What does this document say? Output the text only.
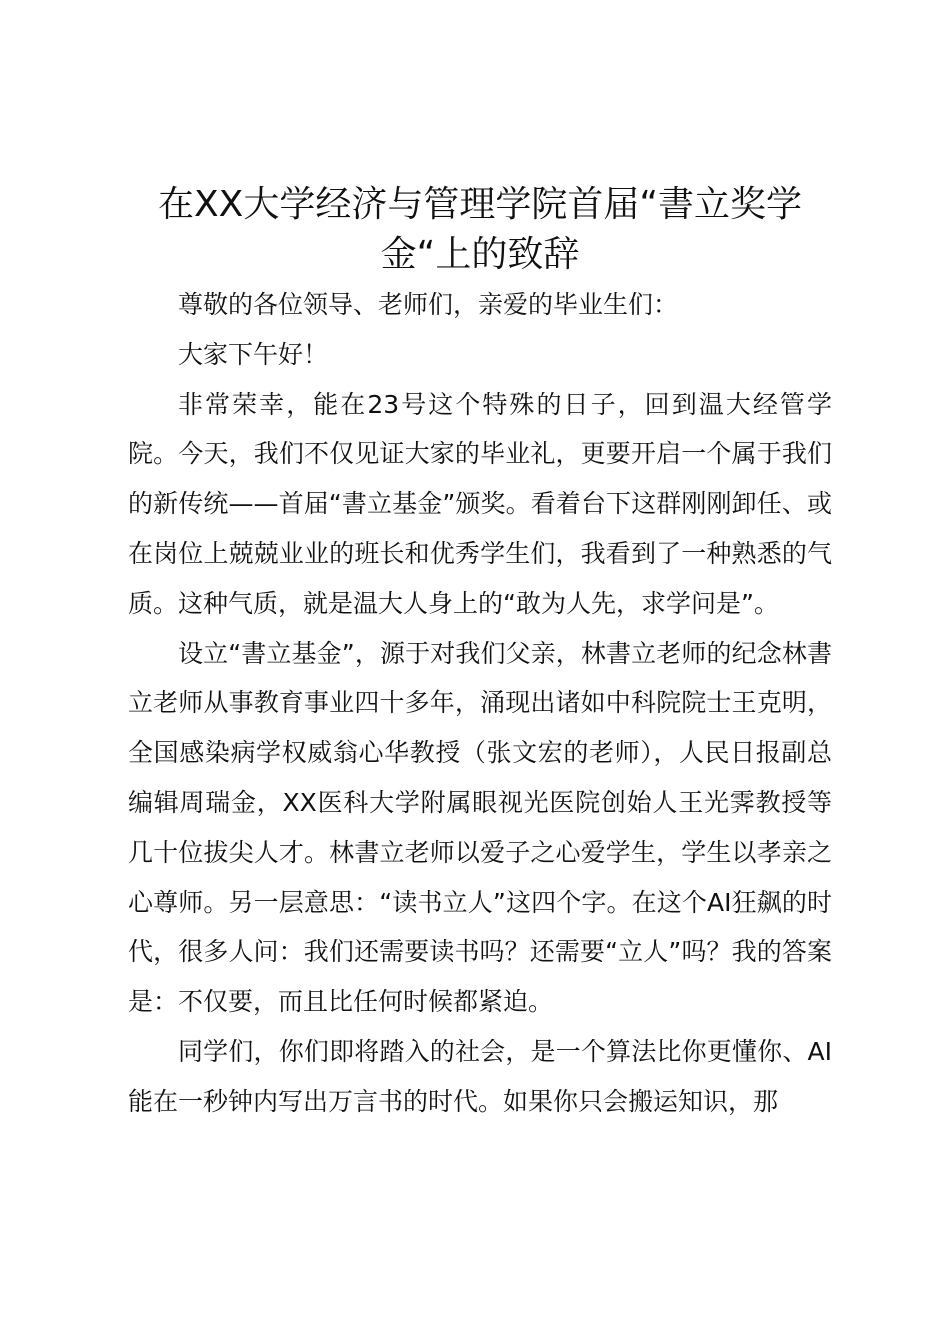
在XX大学经济与管理学院首届“書立奖学金“上的致辞

尊敬的各位领导、老师们，亲爱的毕业生们：

大家下午好！

非常荣幸，能在23号这个特殊的日子，回到温大经管学院。今天，我们不仅见证大家的毕业礼，更要开启一个属于我们的新传统——首届“書立基金”颁奖。看着台下这群刚刚卸任、或在岗位上兢兢业业的班长和优秀学生们，我看到了一种熟悉的气质。这种气质，就是温大人身上的“敢为人先，求学问是”。

设立“書立基金”，源于对我们父亲，林書立老师的纪念林書立老师从事教育事业四十多年，涌现出诸如中科院院士王克明，全国感染病学权威翁心华教授（张文宏的老师），人民日报副总编辑周瑞金，XX医科大学附属眼视光医院创始人王光霁教授等几十位拔尖人才。林書立老师以爱子之心爱学生，学生以孝亲之心尊师。另一层意思：“读书立人”这四个字。在这个AI狂飙的时代，很多人问：我们还需要读书吗？还需要“立人”吗？我的答案是：不仅要，而且比任何时候都紧迫。

同学们，你们即将踏入的社会，是一个算法比你更懂你、AI能在一秒钟内写出万言书的时代。如果你只会搬运知识，那
